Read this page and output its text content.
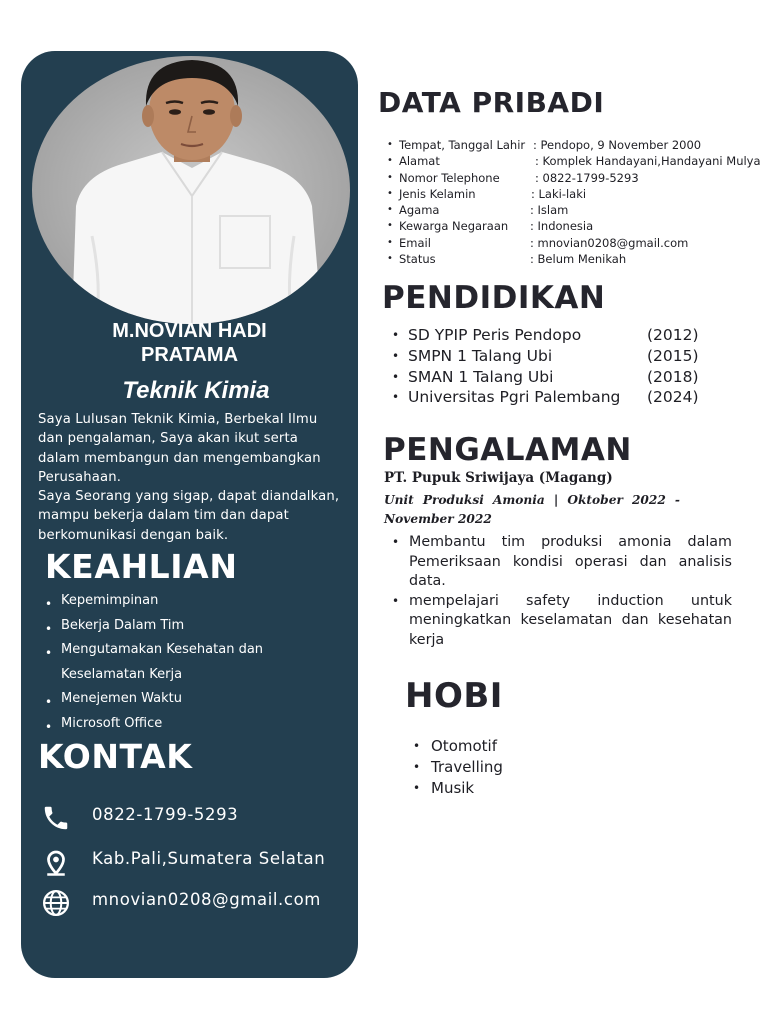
M.NOVIAN HADI
PRATAMA
Teknik Kimia

Saya Lulusan Teknik Kimia, Berbekal Ilmu dan pengalaman, Saya akan ikut serta dalam membangun dan mengembangkan Perusahaan.

Saya Seorang yang sigap, dapat diandalkan, mampu bekerja dalam tim dan dapat berkomunikasi dengan baik.

KEAHLIAN
• Kepemimpinan
• Bekerja Dalam Tim
• Mengutamakan Kesehatan dan Keselamatan Kerja
• Menejemen Waktu
• Microsoft Office
KONTAK
0822-1799-5293
Kab.Pali,Sumatera Selatan
mnovian0208@gmail.com
DATA PRIBADI
• Tempat, Tanggal Lahir : Pendopo, 9 November 2000
• Alamat	: Komplek Handayani,Handayani Mulya
• Nomor Telephone	: 0822-1799-5293
• Jenis Kelamin	: Laki-laki
• Agama	: Islam
• Kewarga Negaraan : Indonesia
• Email	: mnovian0208@gmail.com
• Status	: Belum Menikah
PENDIDIKAN
• SD YPIP Peris Pendopo	(2012)
• SMPN 1 Talang Ubi	(2015)
• SMAN 1 Talang Ubi	(2018)
• Universitas Pgri Palembang (2024)
PENGALAMAN
PT. Pupuk Sriwijaya (Magang)
Unit Produksi Amonia | Oktober 2022 - November 2022
• Membantu tim produksi amonia dalam Pemeriksaan kondisi operasi dan analisis data.
• mempelajari safety induction untuk meningkatkan keselamatan dan kesehatan kerja
HOBI
• Otomotif
• Travelling
• Musik
